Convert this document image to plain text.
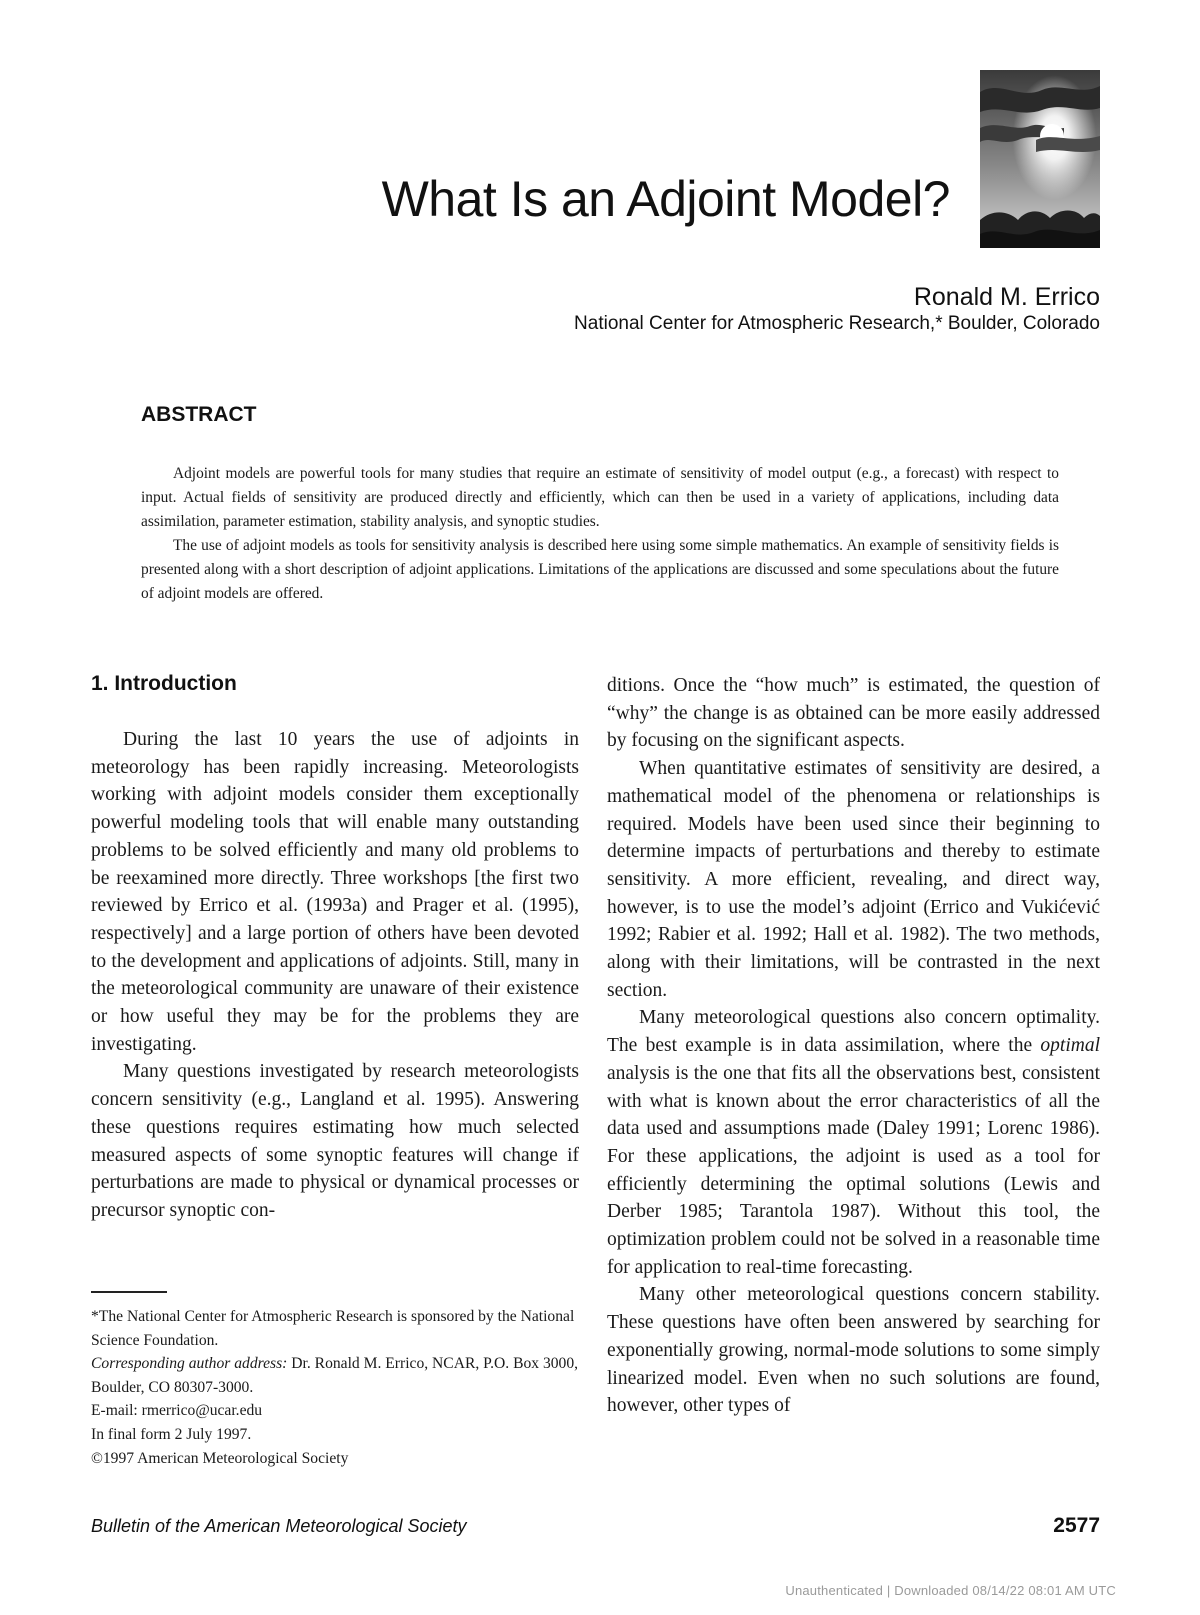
What Is an Adjoint Model?
Ronald M. Errico
National Center for Atmospheric Research,* Boulder, Colorado
ABSTRACT

Adjoint models are powerful tools for many studies that require an estimate of sensitivity of model output (e.g., a forecast) with respect to input. Actual fields of sensitivity are produced directly and efficiently, which can then be used in a variety of applications, including data assimilation, parameter estimation, stability analysis, and synoptic studies.

The use of adjoint models as tools for sensitivity analysis is described here using some simple mathematics. An example of sensitivity fields is presented along with a short description of adjoint applications. Limitations of the applications are discussed and some speculations about the future of adjoint models are offered.

1. Introduction

During the last 10 years the use of adjoints in meteorology has been rapidly increasing. Meteorologists working with adjoint models consider them exceptionally powerful modeling tools that will enable many outstanding problems to be solved efficiently and many old problems to be reexamined more directly. Three workshops [the first two reviewed by Errico et al. (1993a) and Prager et al. (1995), respectively] and a large portion of others have been devoted to the development and applications of adjoints. Still, many in the meteorological community are unaware of their existence or how useful they may be for the problems they are investigating.

Many questions investigated by research meteorologists concern sensitivity (e.g., Langland et al. 1995). Answering these questions requires estimating how much selected measured aspects of some synoptic features will change if perturbations are made to physical or dynamical processes or precursor synoptic con-

ditions. Once the “how much” is estimated, the question of “why” the change is as obtained can be more easily addressed by focusing on the significant aspects.

When quantitative estimates of sensitivity are desired, a mathematical model of the phenomena or relationships is required. Models have been used since their beginning to determine impacts of perturbations and thereby to estimate sensitivity. A more efficient, revealing, and direct way, however, is to use the model’s adjoint (Errico and Vukićević 1992; Rabier et al. 1992; Hall et al. 1982). The two methods, along with their limitations, will be contrasted in the next section.

Many meteorological questions also concern optimality. The best example is in data assimilation, where the optimal analysis is the one that fits all the observations best, consistent with what is known about the error characteristics of all the data used and assumptions made (Daley 1991; Lorenc 1986). For these applications, the adjoint is used as a tool for efficiently determining the optimal solutions (Lewis and Derber 1985; Tarantola 1987). Without this tool, the optimization problem could not be solved in a reasonable time for application to real-time forecasting.

Many other meteorological questions concern stability. These questions have often been answered by searching for exponentially growing, normal-mode solutions to some simply linearized model. Even when no such solutions are found, however, other types of

*The National Center for Atmospheric Research is sponsored by the National Science Foundation.
Corresponding author address: Dr. Ronald M. Errico, NCAR, P.O. Box 3000, Boulder, CO 80307-3000.
E-mail: rmerrico@ucar.edu
In final form 2 July 1997.
©1997 American Meteorological Society
Bulletin of the American Meteorological Society	2577
Unauthenticated | Downloaded 08/14/22 08:01 AM UTC
